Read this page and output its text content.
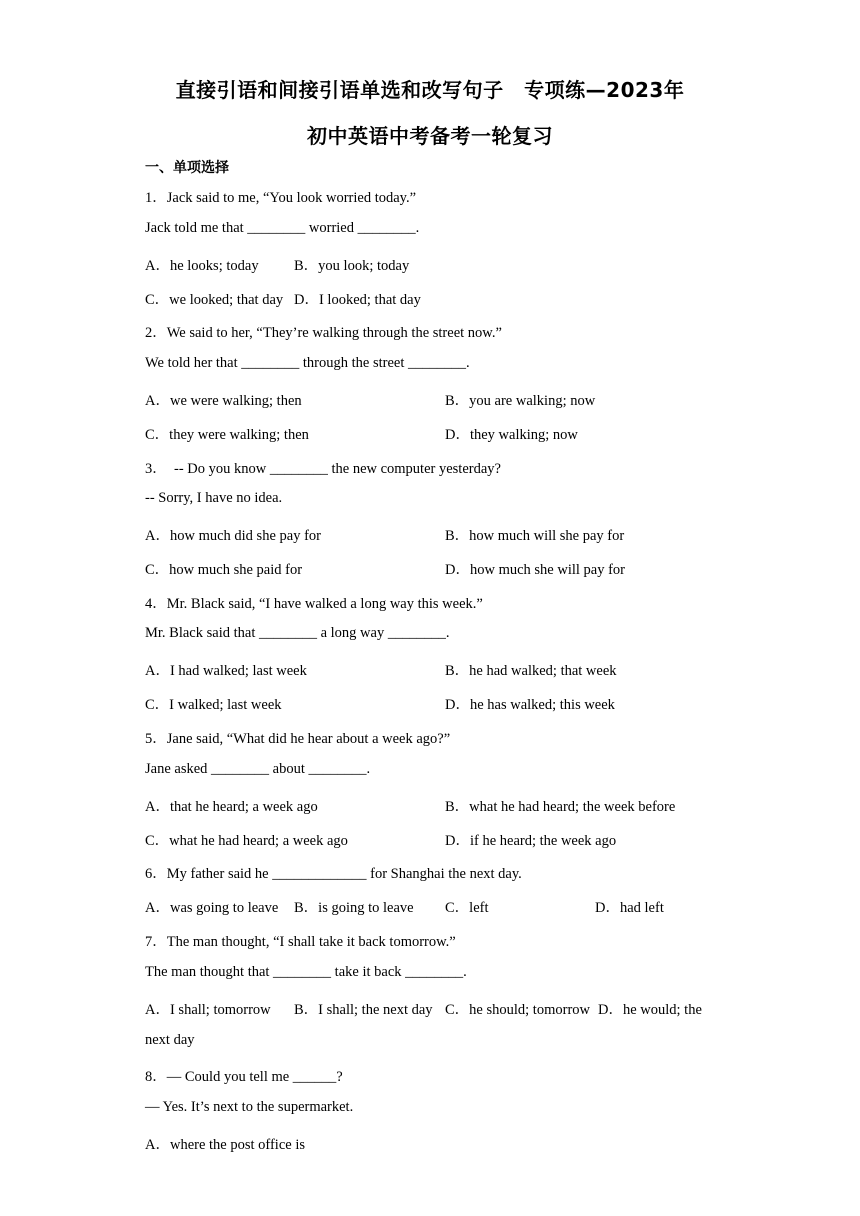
直接引语和间接引语单选和改写句子　专项练—2023年
初中英语中考备考一轮复习
一、单项选择
1．Jack said to me, “You look worried today.”
Jack told me that ________ worried ________.
A．he looks; today B．you look; today
C．we looked; that day D．I looked; that day
2．We said to her, “They’re walking through the street now.”
We told her that ________ through the street ________.
A．we were walking; then	B．you are walking; now
C．they were walking; then	D．they walking; now
3．　-- Do you know ________ the new computer yesterday?
-- Sorry, I have no idea.
A．how much did she pay for	B．how much will she pay for
C．how much she paid for	D．how much she will pay for
4．Mr. Black said, “I have walked a long way this week.”
Mr. Black said that ________ a long way ________.
A．I had walked; last week	B．he had walked; that week
C．I walked; last week	D．he has walked; this week
5．Jane said, “What did he hear about a week ago?”
Jane asked ________ about ________.
A．that he heard; a week ago	B．what he had heard; the week before
C．what he had heard; a week ago	D．if he heard; the week ago
6．My father said he _____________ for Shanghai the next day.
A．was going to leave B．is going to leave C．left	D．had left
7．The man thought, “I shall take it back tomorrow.”
The man thought that ________ take it back ________.
A．I shall; tomorrow B．I shall; the next day C．he should; tomorrow D．he would; the
next day
8．— Could you tell me ______?
— Yes. It’s next to the supermarket.
A．where the post office is
